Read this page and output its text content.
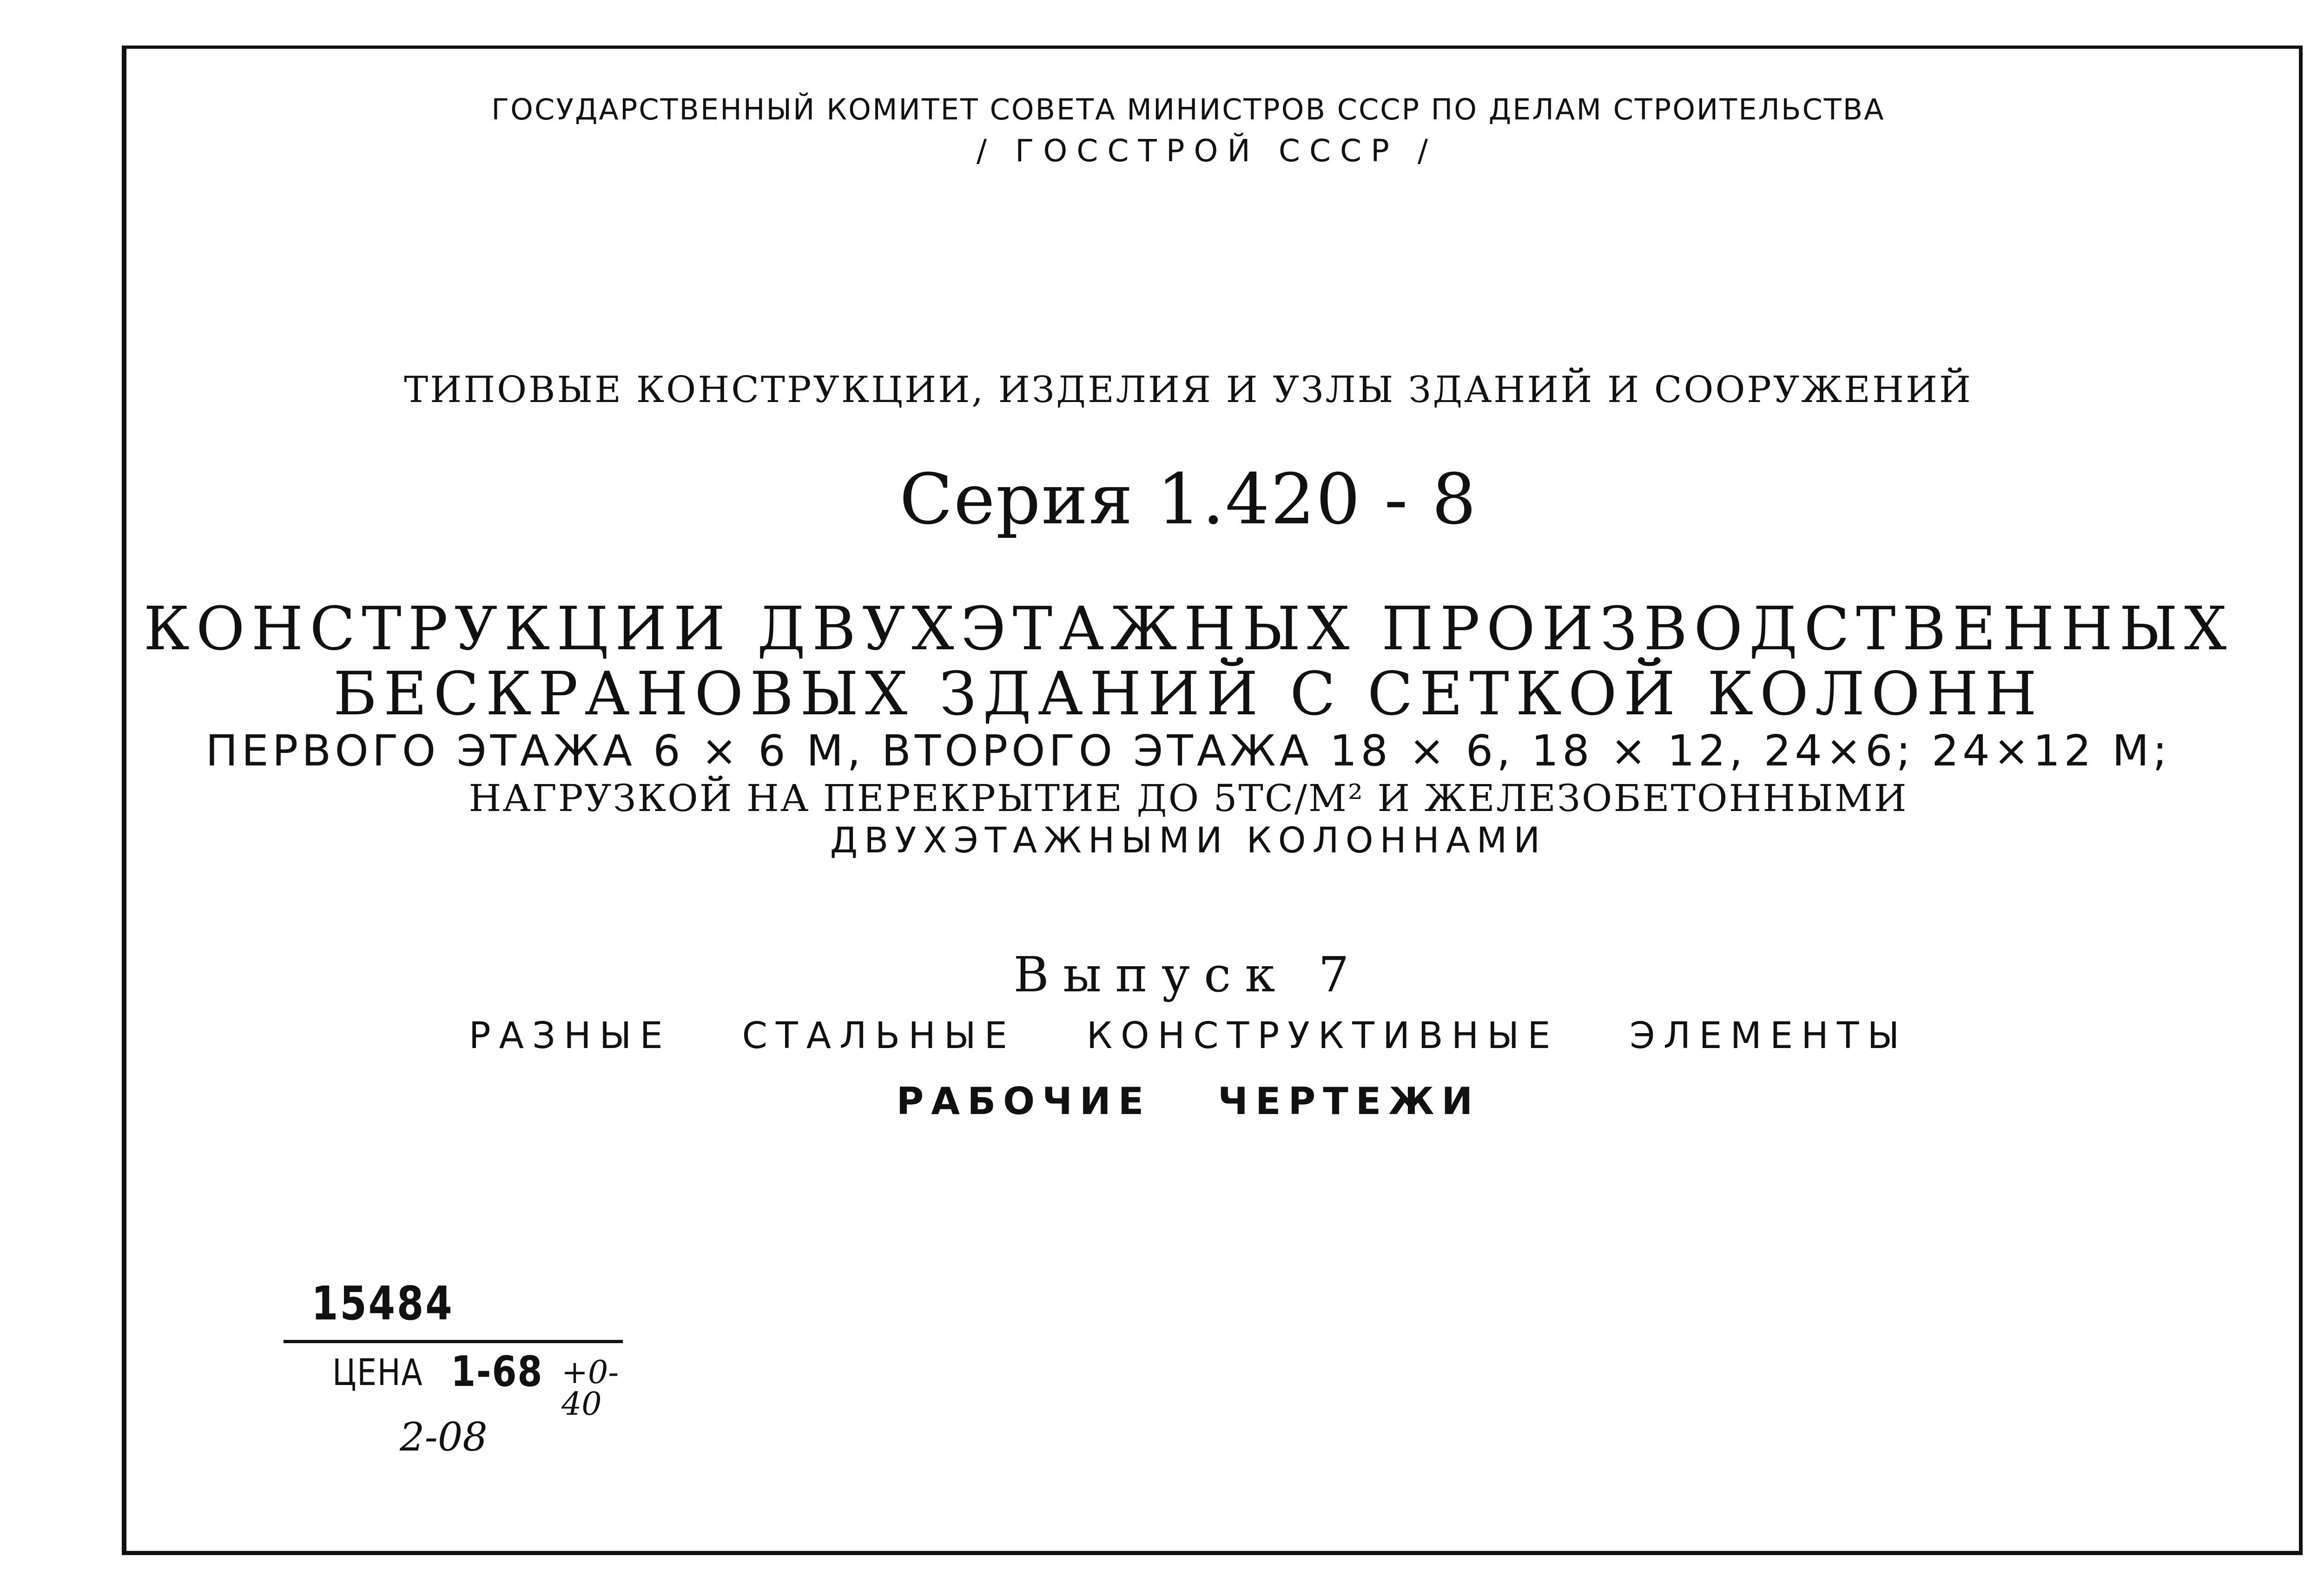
ГОСУДАРСТВЕННЫЙ КОМИТЕТ СОВЕТА МИНИСТРОВ СССР ПО ДЕЛАМ СТРОИТЕЛЬСТВА
/ ГОССТРОЙ СССР /
ТИПОВЫЕ КОНСТРУКЦИИ, ИЗДЕЛИЯ И УЗЛЫ ЗДАНИЙ И СООРУЖЕНИЙ
Серия 1.420 - 8
КОНСТРУКЦИИ ДВУХЭТАЖНЫХ ПРОИЗВОДСТВЕННЫХ
БЕСКРАНОВЫХ ЗДАНИЙ С СЕТКОЙ КОЛОНН
ПЕРВОГО ЭТАЖА 6 × 6 М, ВТОРОГО ЭТАЖА 18 × 6, 18 × 12, 24×6; 24×12 М;
НАГРУЗКОЙ НА ПЕРЕКРЫТИЕ ДО 5ТС/М² И ЖЕЛЕЗОБЕТОННЫМИ
ДВУХЭТАЖНЫМИ КОЛОННАМИ
Выпуск 7
РАЗНЫЕ СТАЛЬНЫЕ КОНСТРУКТИВНЫЕ ЭЛЕМЕНТЫ
РАБОЧИЕ ЧЕРТЕЖИ
15484
ЦЕНА 1-68 +0-40
2-08
